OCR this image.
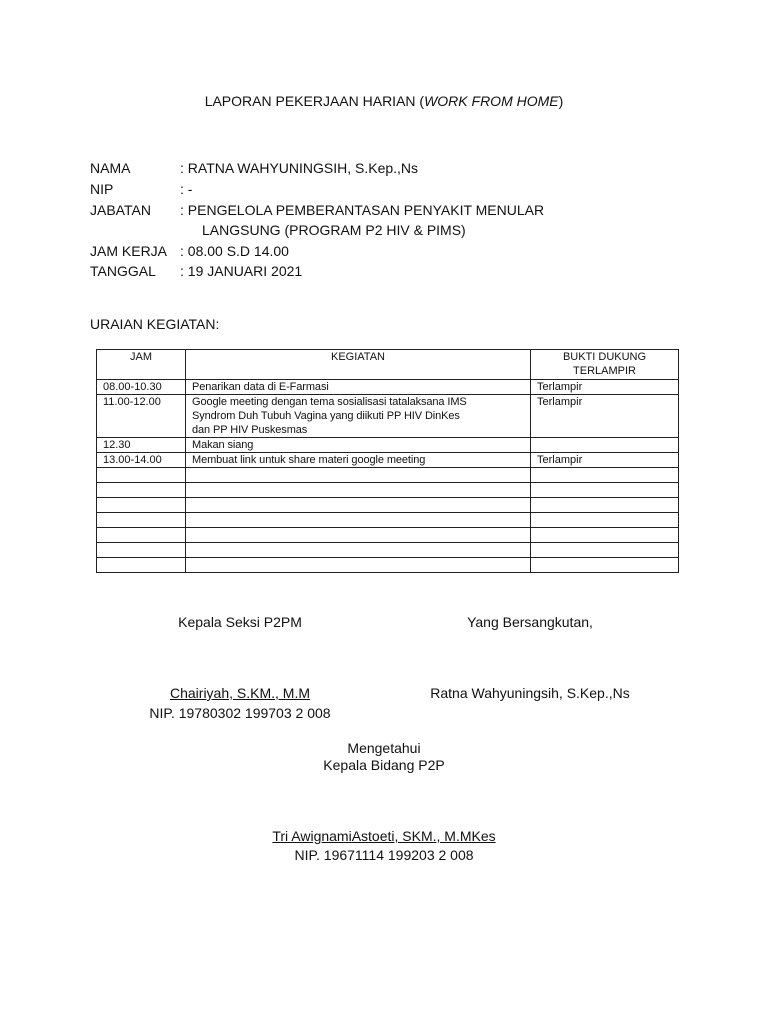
LAPORAN PEKERJAAN HARIAN (WORK FROM HOME)
NAMA	: RATNA WAHYUNINGSIH, S.Kep.,Ns
NIP	: -
JABATAN : PENGELOLA PEMBERANTASAN PENYAKIT MENULAR
LANGSUNG (PROGRAM P2 HIV & PIMS)
JAM KERJA : 08.00 S.D 14.00
TANGGAL : 19 JANUARI 2021
URAIAN KEGIATAN:
JAM	KEGIATAN	BUKTI DUKUNG TERLAMPIR
08.00-10.30	Penarikan data di E-Farmasi	Terlampir
11.00-12.00	Google meeting dengan tema sosialisasi tatalaksana IMS
Syndrom Duh Tubuh Vagina yang diikuti PP HIV DinKes
dan PP HIV Puskesmas	Terlampir
12.30	Makan siang	
13.00-14.00	Membuat link untuk share materi google meeting	Terlampir

Kepala Seksi P2PM	Yang Bersangkutan,
Chairiyah, S.KM., M.M
NIP. 19780302 199703 2 008
Ratna Wahyuningsih, S.Kep.,Ns
Mengetahui
Kepala Bidang P2P
Tri AwignamiAstoeti, SKM., M.MKes
NIP. 19671114 199203 2 008
